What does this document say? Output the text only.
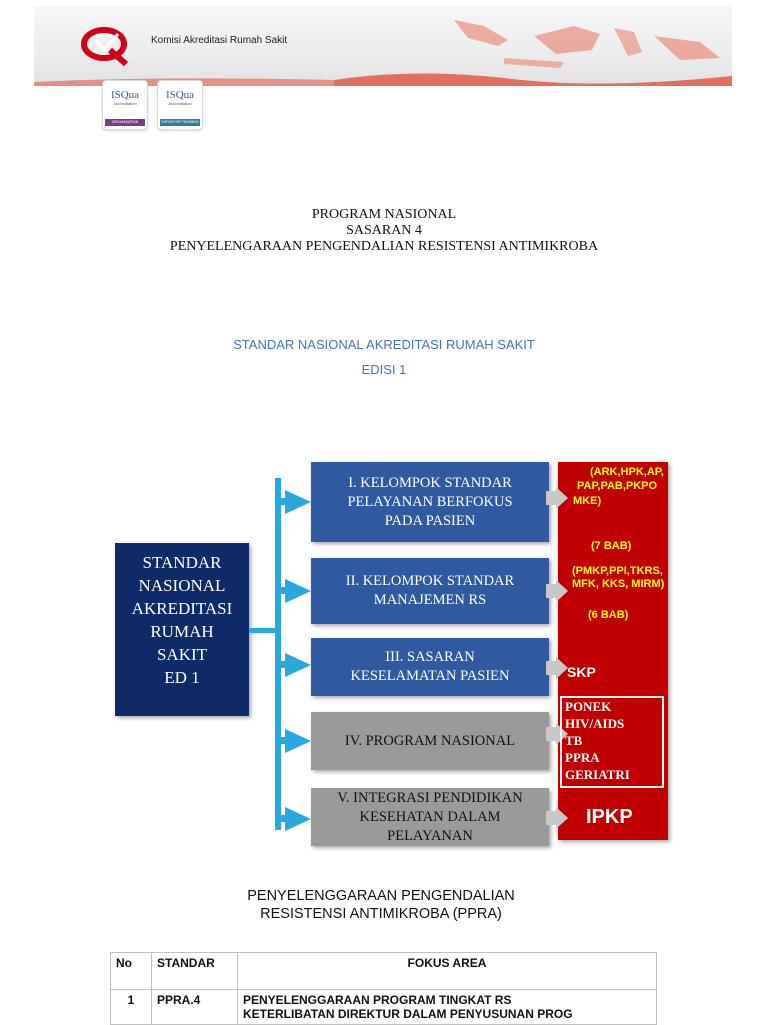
Komisi Akreditasi Rumah Sakit
ISQua
Accreditation
ORGANISATION
ISQua
Accreditation
SURVEYOR TRAINING PROGRAMME
PROGRAM NASIONAL
SASARAN 4
PENYELENGARAAN PENGENDALIAN RESISTENSI ANTIMIKROBA
STANDAR NASIONAL AKREDITASI RUMAH SAKIT
EDISI 1
STANDAR
NASIONAL
AKREDITASI
RUMAH
SAKIT
ED 1
I. KELOMPOK STANDAR
PELAYANAN BERFOKUS
PADA PASIEN
II. KELOMPOK STANDAR
MANAJEMEN RS
III. SASARAN
KESELAMATAN PASIEN
IV. PROGRAM NASIONAL
V. INTEGRASI PENDIDIKAN
KESEHATAN DALAM
PELAYANAN
(ARK,HPK,AP,
PAP,PAB,PKPO
MKE)
(7 BAB)
(PMKP,PPI,TKRS,
MFK, KKS, MIRM)
(6 BAB)
SKP
PONEK
HIV/AIDS
TB
PPRA
GERIATRI
IPKP
PENYELENGGARAAN PENGENDALIAN
RESISTENSI ANTIMIKROBA (PPRA)
No	STANDAR	FOKUS AREA
1	PPRA.4	PENYELENGGARAAN PROGRAM TINGKAT RS
KETERLIBATAN DIREKTUR DALAM PENYUSUNAN PROG
